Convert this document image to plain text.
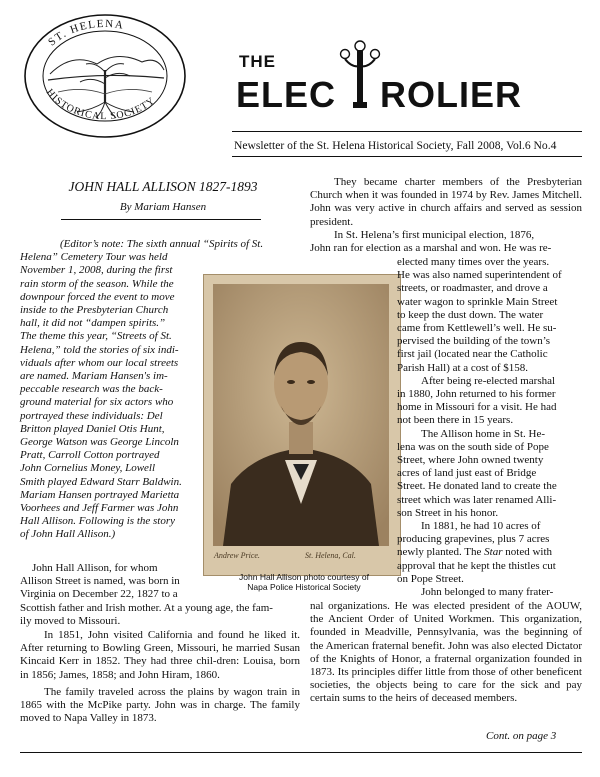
ST. HELENA
HISTORICAL SOCIETY
THE
ELEC ROLIER
Newsletter of the St. Helena Historical Society, Fall 2008, Vol.6 No.4
JOHN HALL ALLISON 1827-1893
By Mariam Hansen
(Editor’s note: The sixth annual “Spirits of St.
Helena” Cemetery Tour was held
November 1, 2008, during the first
rain storm of the season. While the
downpour forced the event to move
inside to the Presbyterian Church
hall, it did not “dampen spirits.”
The theme this year, “Streets of St.
Helena,” told the stories of six indi-
viduals after whom our local streets
are named. Mariam Hansen's im-
peccable research was the back-
ground material for six actors who
portrayed these individuals: Del
Britton played Daniel Otis Hunt,
George Watson was George Lincoln
Pratt, Carroll Cotton portrayed
John Cornelius Money, Lowell
Smith played Edward Starr Baldwin.
Mariam Hansen portrayed Marietta
Voorhees and Jeff Farmer was John
Hall Allison. Following is the story
of John Hall Allison.)
John Hall Allison, for whom
Allison Street is named, was born in
Virginia on December 22, 1827 to a
Scottish father and Irish mother. At a young age, the fam-
ily moved to Missouri.

In 1851, John visited California and found he liked it. After returning to Bowling Green, Missouri, he married Susan Kincaid Kerr in 1852. They had three chil-dren: Louisa, born in 1856; James, 1858; and John Hiram, 1860.

The family traveled across the plains by wagon train in 1865 with the McPike party. John was in charge. The family moved to Napa Valley in 1873.

Andrew Price.	St. Helena, Cal.
John Hall Allison photo courtesy of
Napa Police Historical Society

They became charter members of the Presbyterian Church when it was founded in 1974 by Rev. James Mitchell. John was very active in church affairs and served as session president.

In St. Helena’s first municipal election, 1876,

John ran for election as a marshal and won. He was re-
elected many times over the years.
He was also named superintendent of
streets, or roadmaster, and drove a
water wagon to sprinkle Main Street
to keep the dust down. The water
came from Kettlewell’s well. He su-
pervised the building of the town’s
first jail (located near the Catholic
Parish Hall) at a cost of $158.
After being re-elected marshal
in 1880, John returned to his former
home in Missouri for a visit. He had
not been there in 15 years.
The Allison home in St. He-
lena was on the south side of Pope
Street, where John owned twenty
acres of land just east of Bridge
Street. He donated land to create the
street which was later renamed Alli-
son Street in his honor.
In 1881, he had 10 acres of
producing grapevines, plus 7 acres
newly planted. The Star noted with
approval that he kept the thistles cut
on Pope Street.
John belonged to many frater-
nal organizations. He was elected president of the AOUW, the Ancient Order of United Workmen. This organization, founded in Meadville, Pennsylvania, was the beginning of the American fraternal benefit. John was also elected Dictator of the Knights of Honor, a fraternal organization founded in 1873. Its principles differ little from those of other beneficent societies, the objects being to care for the sick and pay certain sums to the heirs of deceased members.
Cont. on page 3
